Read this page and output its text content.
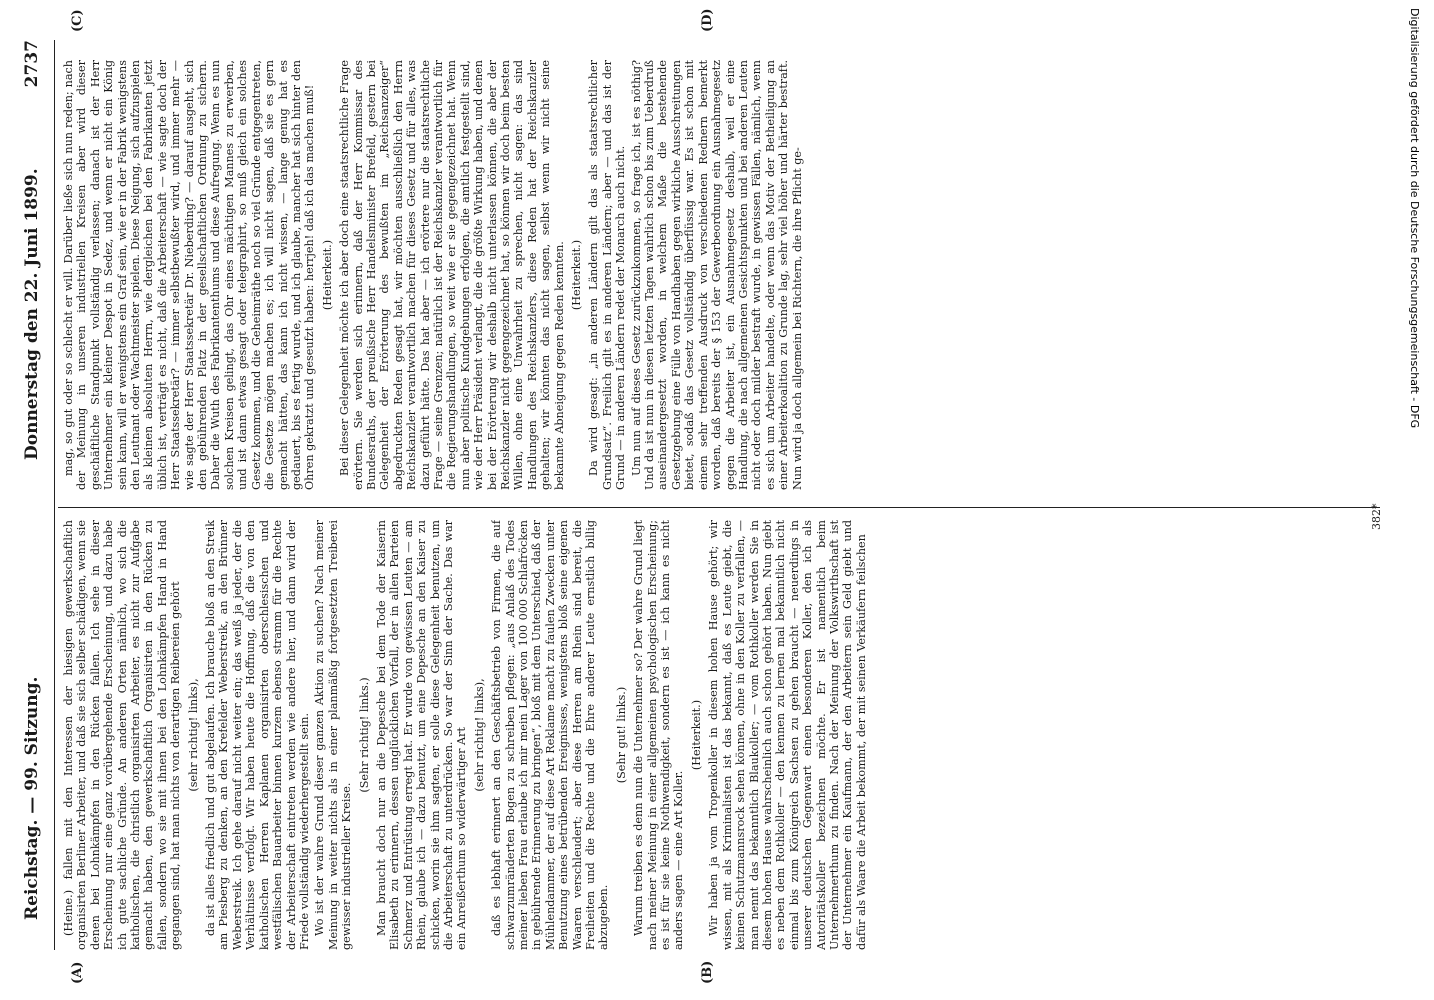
Reichstag. — 99. Sitzung.
Donnerstag den 22. Juni 1899.
2737
(A)	(B)
(C)	(D)

(Heine.) fallen mit den Interessen der hiesigen gewerkschaftlich organisirten Berliner Arbeiter, und daß sie sich selber schädigen, wenn sie denen bei Lohnkämpfen in den Rücken fallen. Ich sehe in dieser Erscheinung nur eine ganz vorübergehende Erscheinung, und dazu habe ich gute sachliche Gründe. An anderen Orten nämlich, wo sich die katholischen, die christlich organisirten Arbeiter, es nicht zur Aufgabe gemacht haben, den gewerkschaftlich Organisirten in den Rücken zu fallen, sondern wo sie mit ihnen bei den Lohnkämpfen Hand in Hand gegangen sind, hat man nichts von derartigen Reibereien gehört (sehr richtig! links), da ist alles friedlich und gut abgelaufen. Ich brauche bloß an den Streik am Piesberg zu denken, an den Krefelder Weberstreik, an den Brünner Weberstreik. Ich gehe darauf nicht weiter ein; das weiß ja jeder, der die Verhältnisse verfolgt. Wir haben heute die Hoffnung, daß die von den katholischen Herren Kaplanen organisirten oberschlesischen und westfälischen Bauarbeiter binnen kurzem ebenso stramm für die Rechte der Arbeiterschaft eintreten werden wie andere hier, und dann wird der Friede vollständig wiederhergestellt sein. Wo ist der wahre Grund dieser ganzen Aktion zu suchen? Nach meiner Meinung in weiter nichts als in einer planmäßig fortgesetzten Treiberei gewisser industrieller Kreise.

(Sehr richtig! links.) Man braucht doch nur an die Depesche bei dem Tode der Kaiserin Elisabeth zu erinnern, dessen unglücklichen Vorfall, der in allen Parteien Schmerz und Entrüstung erregt hat. Er wurde von gewissen Leuten — am Rhein, glaube ich — dazu benutzt, um eine Depesche an den Kaiser zu schicken, worin sie ihm sagten, er solle diese Gelegenheit benutzen, um die Arbeiterschaft zu unterdrücken. So war der Sinn der Sache. Das war ein Anreißerthum so widerwärtiger Art (sehr richtig! links), daß es lebhaft erinnert an den Geschäftsbetrieb von Firmen, die auf schwarzumränderten Bogen zu schreiben pflegen: „aus Anlaß des Todes meiner lieben Frau erlaube ich mir mein Lager von 100 000 Schlafröcken in gebührende Erinnerung zu bringen“, bloß mit dem Unterschied, daß der Mühlendammer, der auf diese Art Reklame macht zu faulen Zwecken unter Benutzung eines betrübenden Ereignisses, wenigstens bloß seine eigenen Waaren verschleudert; aber diese Herren am Rhein sind bereit, die Freiheiten und die Rechte und die Ehre anderer Leute ernstlich billig abzugeben.

(Sehr gut! links.) Warum treiben es denn nun die Unternehmer so? Der wahre Grund liegt nach meiner Meinung in einer allgemeinen psychologischen Erscheinung; es ist für sie keine Nothwendigkeit, sondern es ist — ich kann es nicht anders sagen — eine Art Koller.

(Heiterkeit.) Wir haben ja vom Tropenkoller in diesem hohen Hause gehört; wir wissen, mit als Kriminalisten ist das bekannt, daß es Leute giebt, die keinen Schutzmannsrock sehen können, ohne in den Koller zu verfallen, — man nennt das bekanntlich Blaukoller; — vom Rothkoller werden Sie in diesem hohen Hause wahrscheinlich auch schon gehört haben. Nun giebt es neben dem Rothkoller — den kennen zu lernen mal bekanntlich nicht einmal bis zum Königreich Sachsen zu gehen braucht — neuerdings in unserer deutschen Gegenwart einen besonderen Koller, den ich als Autoritätskoller bezeichnen möchte. Er ist namentlich beim Unternehmerthum zu finden. Nach der Meinung der Volkswirthschaft ist der Unternehmer ein Kaufmann, der den Arbeitern sein Geld giebt und dafür als Waare die Arbeit bekommt, der mit seinen Verkäufern feilschen

mag, so gut oder so schlecht er will. Darüber ließe sich nun reden; nach der Meinung in unseren industriellen Kreisen aber wird dieser geschäftliche Standpunkt vollständig verlassen; danach ist der Herr Unternehmer ein kleiner Despot in Sedez, und wenn er nicht ein König sein kann, will er wenigstens ein Graf sein, wie er in der Fabrik wenigstens den Leutnant oder Wachtmeister spielen. Diese Neigung, sich aufzuspielen als kleinen absoluten Herrn, wie dergleichen bei den Fabrikanten jetzt üblich ist, verträgt es nicht, daß die Arbeiterschaft — wie sagte doch der Herr Staatssekretär? — immer selbstbewußter wird, und immer mehr — wie sagte der Herr Staatssekretär Dr. Nieberding? — darauf ausgeht, sich den gebührenden Platz in der gesellschaftlichen Ordnung zu sichern. Daher die Wuth des Fabrikantenthums und diese Aufregung. Wenn es nun solchen Kreisen gelingt, das Ohr eines mächtigen Mannes zu erwerben, und ist dann etwas gesagt oder telegraphirt, so muß gleich ein solches Gesetz kommen, und die Geheimräthe noch so viel Gründe entgegentreten, die Gesetze mögen machen es; ich will nicht sagen, daß sie es gern gemacht hätten, das kann ich nicht wissen, — lange genug hat es gedauert, bis es fertig wurde, und ich glaube, mancher hat sich hinter den Ohren gekratzt und geseufzt haben: herrjeh! daß ich das machen muß! (Heiterkeit.) Bei dieser Gelegenheit möchte ich aber doch eine staatsrechtliche Frage erörtern. Sie werden sich erinnern, daß der Herr Kommissar des Bundesraths, der preußische Herr Handelsminister Brefeld, gestern bei Gelegenheit der Erörterung des bewußten im „Reichsanzeiger“ abgedruckten Reden gesagt hat, wir möchten ausschließlich den Herrn Reichskanzler verantwortlich machen für dieses Gesetz und für alles, was dazu geführt hätte. Das hat aber — ich erörtere nur die staatsrechtliche Frage — seine Grenzen; natürlich ist der Reichskanzler verantwortlich für die Regierungshandlungen, so weit wie er sie gegengezeichnet hat. Wenn nun aber politische Kundgebungen erfolgen, die amtlich festgestellt sind, wie der Herr Präsident verlangt, die die größte Wirkung haben, und denen bei der Erörterung wir deshalb nicht unterlassen können, die aber der Reichskanzler nicht gegengezeichnet hat, so können wir doch beim besten Willen, ohne eine Unwahrheit zu sprechen, nicht sagen: das sind Handlungen des Reichskanzlers, diese Reden hat der Reichskanzler gehalten; wir könnten das nicht sagen, selbst wenn wir nicht seine bekannte Abneigung gegen Reden kennten. (Heiterkeit.) Da wird gesagt: „in anderen Ländern gilt das als staatsrechtlicher Grundsatz“. Freilich gilt es in anderen Ländern; aber — und das ist der Grund — in anderen Ländern redet der Monarch auch nicht. Um nun auf dieses Gesetz zurückzukommen, so frage ich, ist es nöthig? Und da ist nun in diesen letzten Tagen wahrlich schon bis zum Ueberdruß auseinandergesetzt worden, in welchem Maße die bestehende Gesetzgebung eine Fülle von Handhaben gegen wirkliche Ausschreitungen bietet, sodaß das Gesetz vollständig überflüssig war. Es ist schon mit einem sehr treffenden Ausdruck von verschiedenen Rednern bemerkt worden, daß bereits der § 153 der Gewerbeordnung ein Ausnahmegesetz gegen die Arbeiter ist, ein Ausnahmegesetz deshalb, weil er eine Handlung, die nach allgemeinen Gesichtspunkten und bei anderen Leuten nicht oder doch milder bestraft wurde, in gewissen Fällen, nämlich, wenn es sich um Arbeiter handelte, oder wenn das Motiv der Betheiligung an einer Arbeiterkoalition zu Grunde lag, sehr viel höher und härter bestraft. Nun wird ja doch allgemein bei Richtern, die ihre Pflicht ge-

382*
Digitalisierung gefördert durch die Deutsche Forschungsgemeinschaft - DFG
